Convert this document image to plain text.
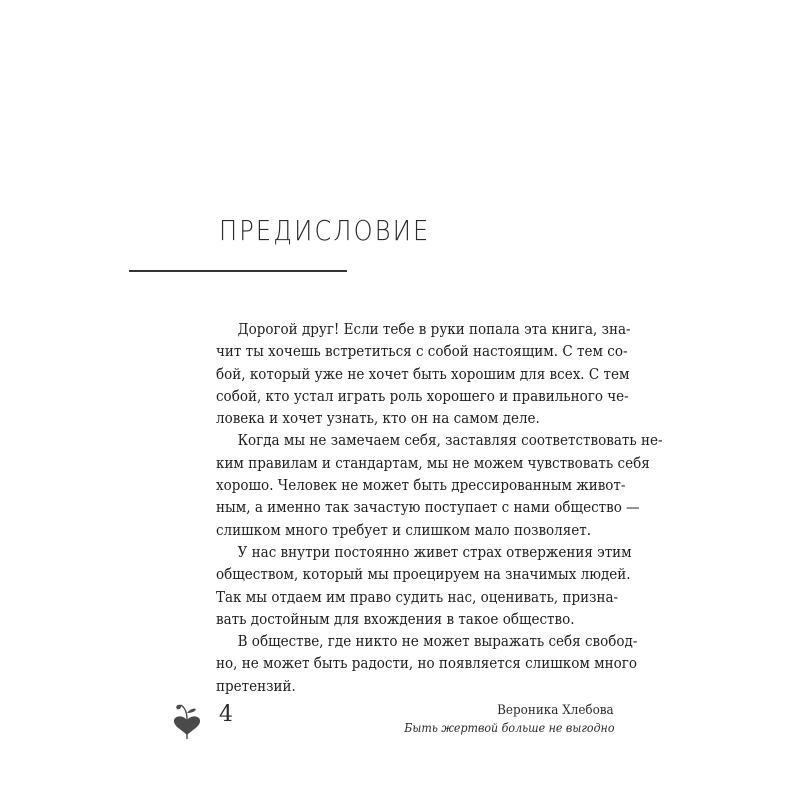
ПРЕДИСЛОВИЕ
Дорогой друг! Если тебе в руки попала эта книга, зна-
чит ты хочешь встретиться с собой настоящим. С тем со-
бой, который уже не хочет быть хорошим для всех. С тем
собой, кто устал играть роль хорошего и правильного че-
ловека и хочет узнать, кто он на самом деле.
Когда мы не замечаем себя, заставляя соответствовать не-
ким правилам и стандартам, мы не можем чувствовать себя
хорошо. Человек не может быть дрессированным живот-
ным, а именно так зачастую поступает с нами общество —
слишком много требует и слишком мало позволяет.
У нас внутри постоянно живет страх отвержения этим
обществом, который мы проецируем на значимых людей.
Так мы отдаем им право судить нас, оценивать, призна-
вать достойным для вхождения в такое общество.
В обществе, где никто не может выражать себя свобод-
но, не может быть радости, но появляется слишком много
претензий.
4	Вероника Хлебова
Быть жертвой больше не выгодно
